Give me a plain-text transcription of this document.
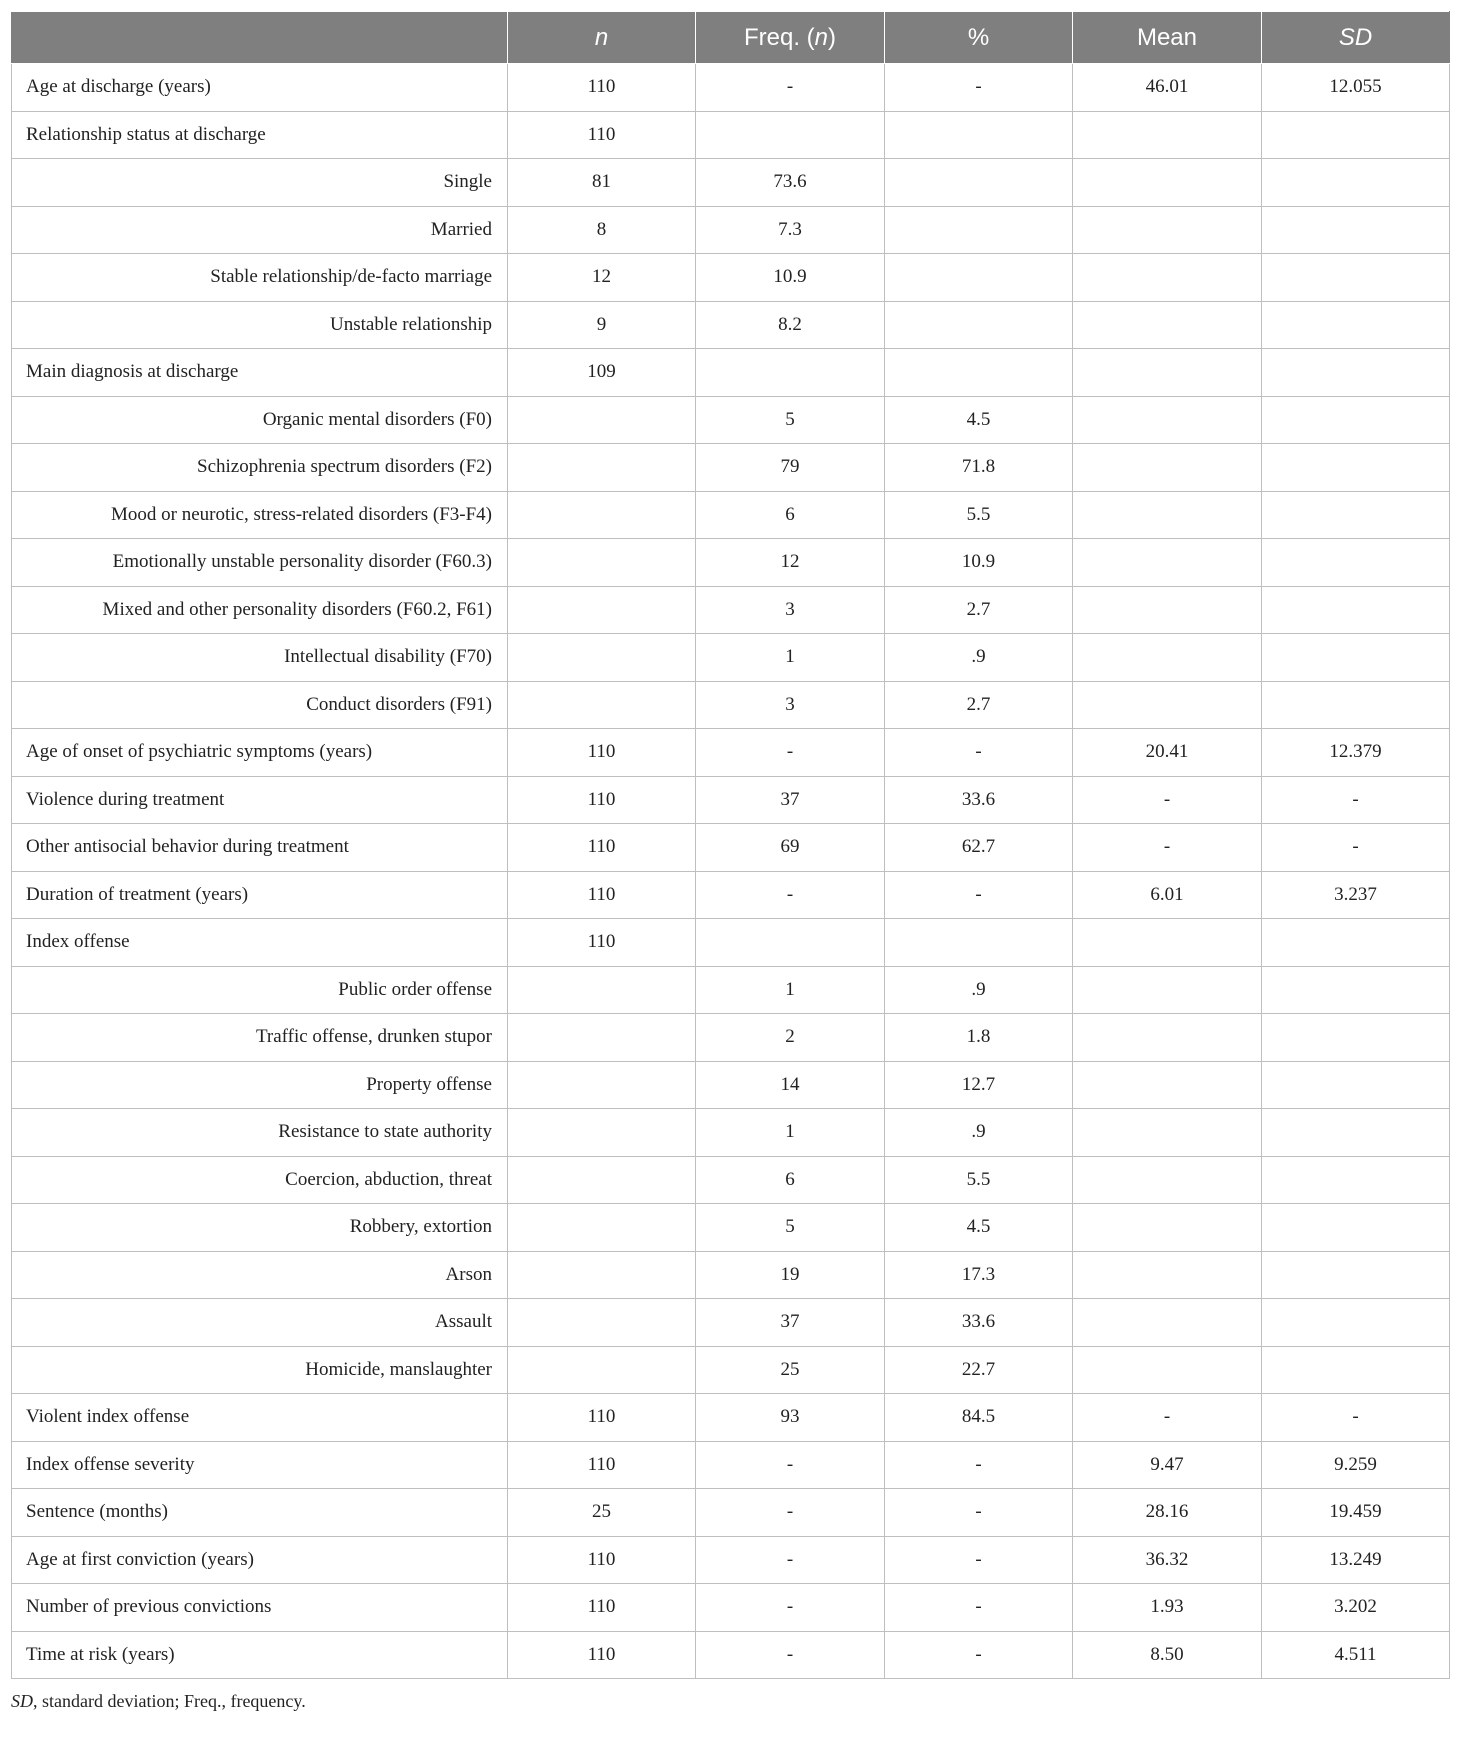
	n	Freq. (n)	%	Mean	SD
Age at discharge (years)	110	-	-	46.01	12.055
Relationship status at discharge	110				
Single	81	73.6			
Married	8	7.3			
Stable relationship/de-facto marriage	12	10.9			
Unstable relationship	9	8.2			
Main diagnosis at discharge	109				
Organic mental disorders (F0)		5	4.5		
Schizophrenia spectrum disorders (F2)		79	71.8		
Mood or neurotic, stress-related disorders (F3-F4)		6	5.5		
Emotionally unstable personality disorder (F60.3)		12	10.9		
Mixed and other personality disorders (F60.2, F61)		3	2.7		
Intellectual disability (F70)		1	.9		
Conduct disorders (F91)		3	2.7		
Age of onset of psychiatric symptoms (years)	110	-	-	20.41	12.379
Violence during treatment	110	37	33.6	-	-
Other antisocial behavior during treatment	110	69	62.7	-	-
Duration of treatment (years)	110	-	-	6.01	3.237
Index offense	110				
Public order offense		1	.9		
Traffic offense, drunken stupor		2	1.8		
Property offense		14	12.7		
Resistance to state authority		1	.9		
Coercion, abduction, threat		6	5.5		
Robbery, extortion		5	4.5		
Arson		19	17.3		
Assault		37	33.6		
Homicide, manslaughter		25	22.7		
Violent index offense	110	93	84.5	-	-
Index offense severity	110	-	-	9.47	9.259
Sentence (months)	25	-	-	28.16	19.459
Age at first conviction (years)	110	-	-	36.32	13.249
Number of previous convictions	110	-	-	1.93	3.202
Time at risk (years)	110	-	-	8.50	4.511
SD, standard deviation; Freq., frequency.
